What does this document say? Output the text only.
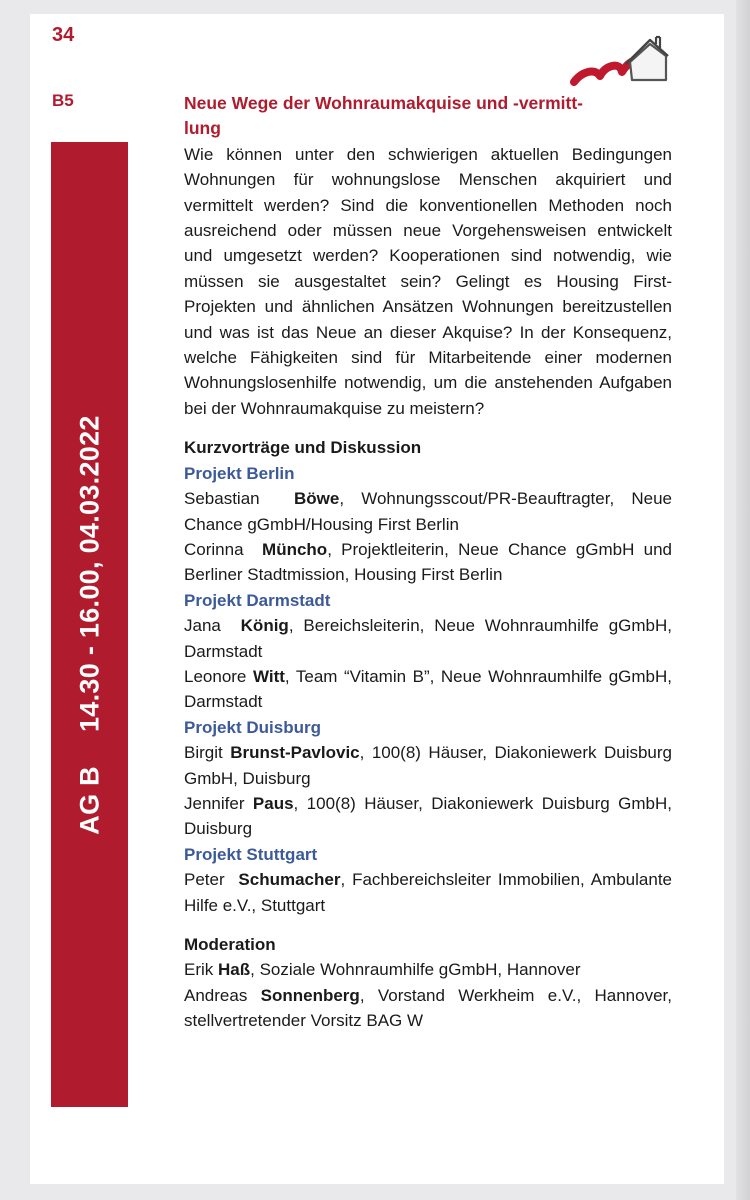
34
B5
AG B14.30 - 16.00, 04.03.2022

Neue Wege der Wohnraumakquise und -vermitt-
lung

Wie können unter den schwierigen aktuellen Bedingungen Wohnungen für wohnungslose Menschen akquiriert und vermittelt werden? Sind die konventionellen Methoden noch ausreichend oder müssen neue Vorgehensweisen entwickelt und umgesetzt werden? Kooperationen sind notwendig, wie müssen sie ausgestaltet sein? Gelingt es Housing First-Projekten und ähnlichen Ansätzen Wohnungen bereitzustellen und was ist das Neue an dieser Akquise? In der Konsequenz, welche Fähigkeiten sind für Mitarbeitende einer modernen Wohnungslosenhilfe notwendig, um die anstehenden Aufgaben bei der Wohnraumakquise zu meistern?

Kurzvorträge und Diskussion

Projekt Berlin

Sebastian Böwe, Wohnungsscout/PR-Beauftragter, Neue Chance gGmbH/Housing First Berlin

Corinna Müncho, Projektleiterin, Neue Chance gGmbH und Berliner Stadtmission, Housing First Berlin

Projekt Darmstadt

Jana König, Bereichsleiterin, Neue Wohnraumhilfe gGmbH, Darmstadt

Leonore Witt, Team “Vitamin B”, Neue Wohnraumhilfe gGmbH, Darmstadt

Projekt Duisburg

Birgit Brunst-Pavlovic, 100(8) Häuser, Diakoniewerk Duisburg GmbH, Duisburg

Jennifer Paus, 100(8) Häuser, Diakoniewerk Duisburg GmbH, Duisburg

Projekt Stuttgart

Peter Schumacher, Fachbereichsleiter Immobilien, Ambulante Hilfe e.V., Stuttgart

Moderation

Erik Haß, Soziale Wohnraumhilfe gGmbH, Hannover

Andreas Sonnenberg, Vorstand Werkheim e.V., Hannover, stellvertretender Vorsitz BAG W
